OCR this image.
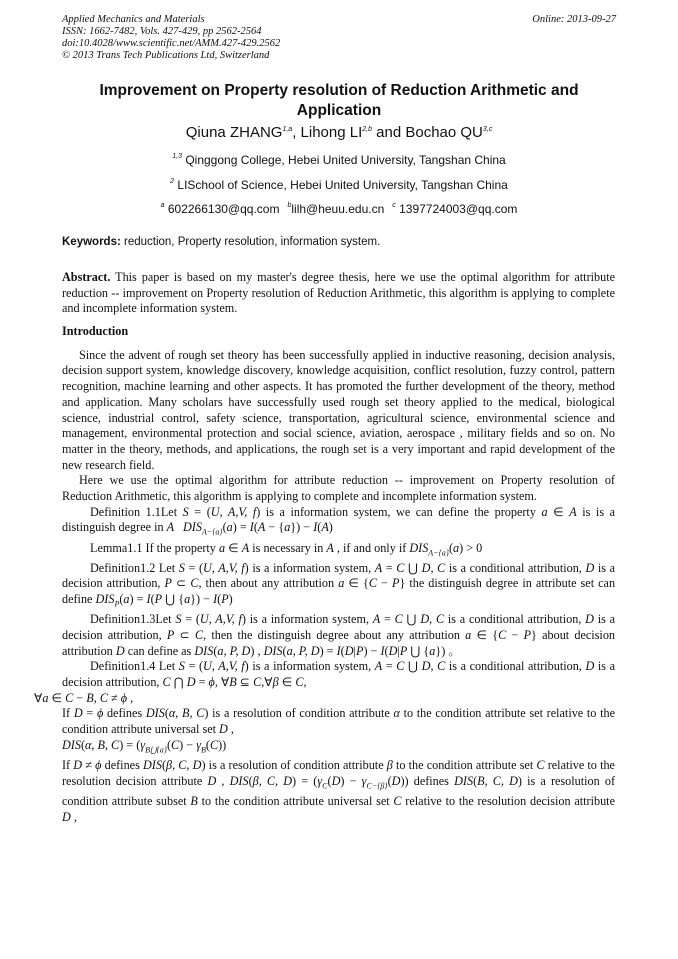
Applied Mechanics and Materials
ISSN: 1662-7482, Vols. 427-429, pp 2562-2564
doi:10.4028/www.scientific.net/AMM.427-429.2562
© 2013 Trans Tech Publications Ltd, Switzerland
Online: 2013-09-27
Improvement on Property resolution of Reduction Arithmetic and Application
Qiuna ZHANG$^{1,a}$, Lihong LI$^{2,b}$ and Bochao QU$^{3,c}$
$^{1,3}$ Qinggong College, Hebei United University, Tangshan China
$^2$ LISchool of Science, Hebei United University, Tangshan China
$^a$ 602266130@qq.com $^b$lilh@heuu.edu.cn $^c$ 1397724003@qq.com
Keywords: reduction, Property resolution, information system.

Abstract. This paper is based on my master's degree thesis, here we use the optimal algorithm for attribute reduction -- improvement on Property resolution of Reduction Arithmetic, this algorithm is applying to complete and incomplete information system.

Introduction

Since the advent of rough set theory has been successfully applied in inductive reasoning, decision analysis, decision support system, knowledge discovery, knowledge acquisition, conflict resolution, fuzzy control, pattern recognition, machine learning and other aspects. It has promoted the further development of the theory, method and application. Many scholars have successfully used rough set theory applied to the medical, biological science, industrial control, safety science, transportation, agricultural science, environmental science and management, environmental protection and social science, aviation, aerospace , military fields and so on. No matter in the theory, methods, and applications, the rough set is a very important and rapid development of the new research field.

Here we use the optimal algorithm for attribute reduction -- improvement on Property resolution of Reduction Arithmetic, this algorithm is applying to complete and incomplete information system.

Definition 1.1Let S = (U, A,V, f) is a information system, we can define the property a ∈ A is is a distinguish degree in A   $DIS_{A-\{a\}}(a) = I(A - \{a\}) - I(A)$

Lemma1.1 If the property a ∈ A is necessary in A , if and only if $DIS_{A-\{a\}}(a) > 0$

Definition1.2 Let S = (U, A,V, f) is a information system, A = C ⋃ D, C is a conditional attribution, D is a decision attribution, P ⊂ C, then about any attribution a ∈ {C − P} the distinguish degree in attribute set can define $DIS_P(a) = I(P$ ⋃ {a}) − I(P)

Definition1.3Let S = (U, A,V, f) is a information system, A = C ⋃ D, C is a conditional attribution, D is a decision attribution, P ⊂ C, then the distinguish degree about any attribution a ∈ {C − P} about decision attribution D can define as DIS(a, P, D) , DIS(a, P, D) = I(D|P) − I(D|P ⋃ {a}) 。

Definition1.4 Let S = (U, A,V, f) is a information system, A = C ⋃ D, C is a conditional attribution, D is a decision attribution, C ⋂ D = ϕ, ∀B ⊆ C,∀β ∈ C,
∀a ∈ C − B, C ≠ ϕ ,

If D = ϕ defines DIS(α, B, C) is a resolution of condition attribute α to the condition attribute set relative to the condition attribute universal set D ,
DIS(α, B, $C) = (\gamma_{B⋃\{a\}}(C) - \gamma_B(C))$

If D ≠ ϕ defines DIS(β, C, D) is a resolution of condition attribute β to the condition attribute set C relative to the resolution decision attribute D , DIS(β, C, $D) = (\gamma_C(D) - \gamma_{C-\{\beta\}}(D))$ defines DIS(B, C, D) is a resolution of condition attribute subset B to the condition attribute universal set C relative to the resolution decision attribute D ,
